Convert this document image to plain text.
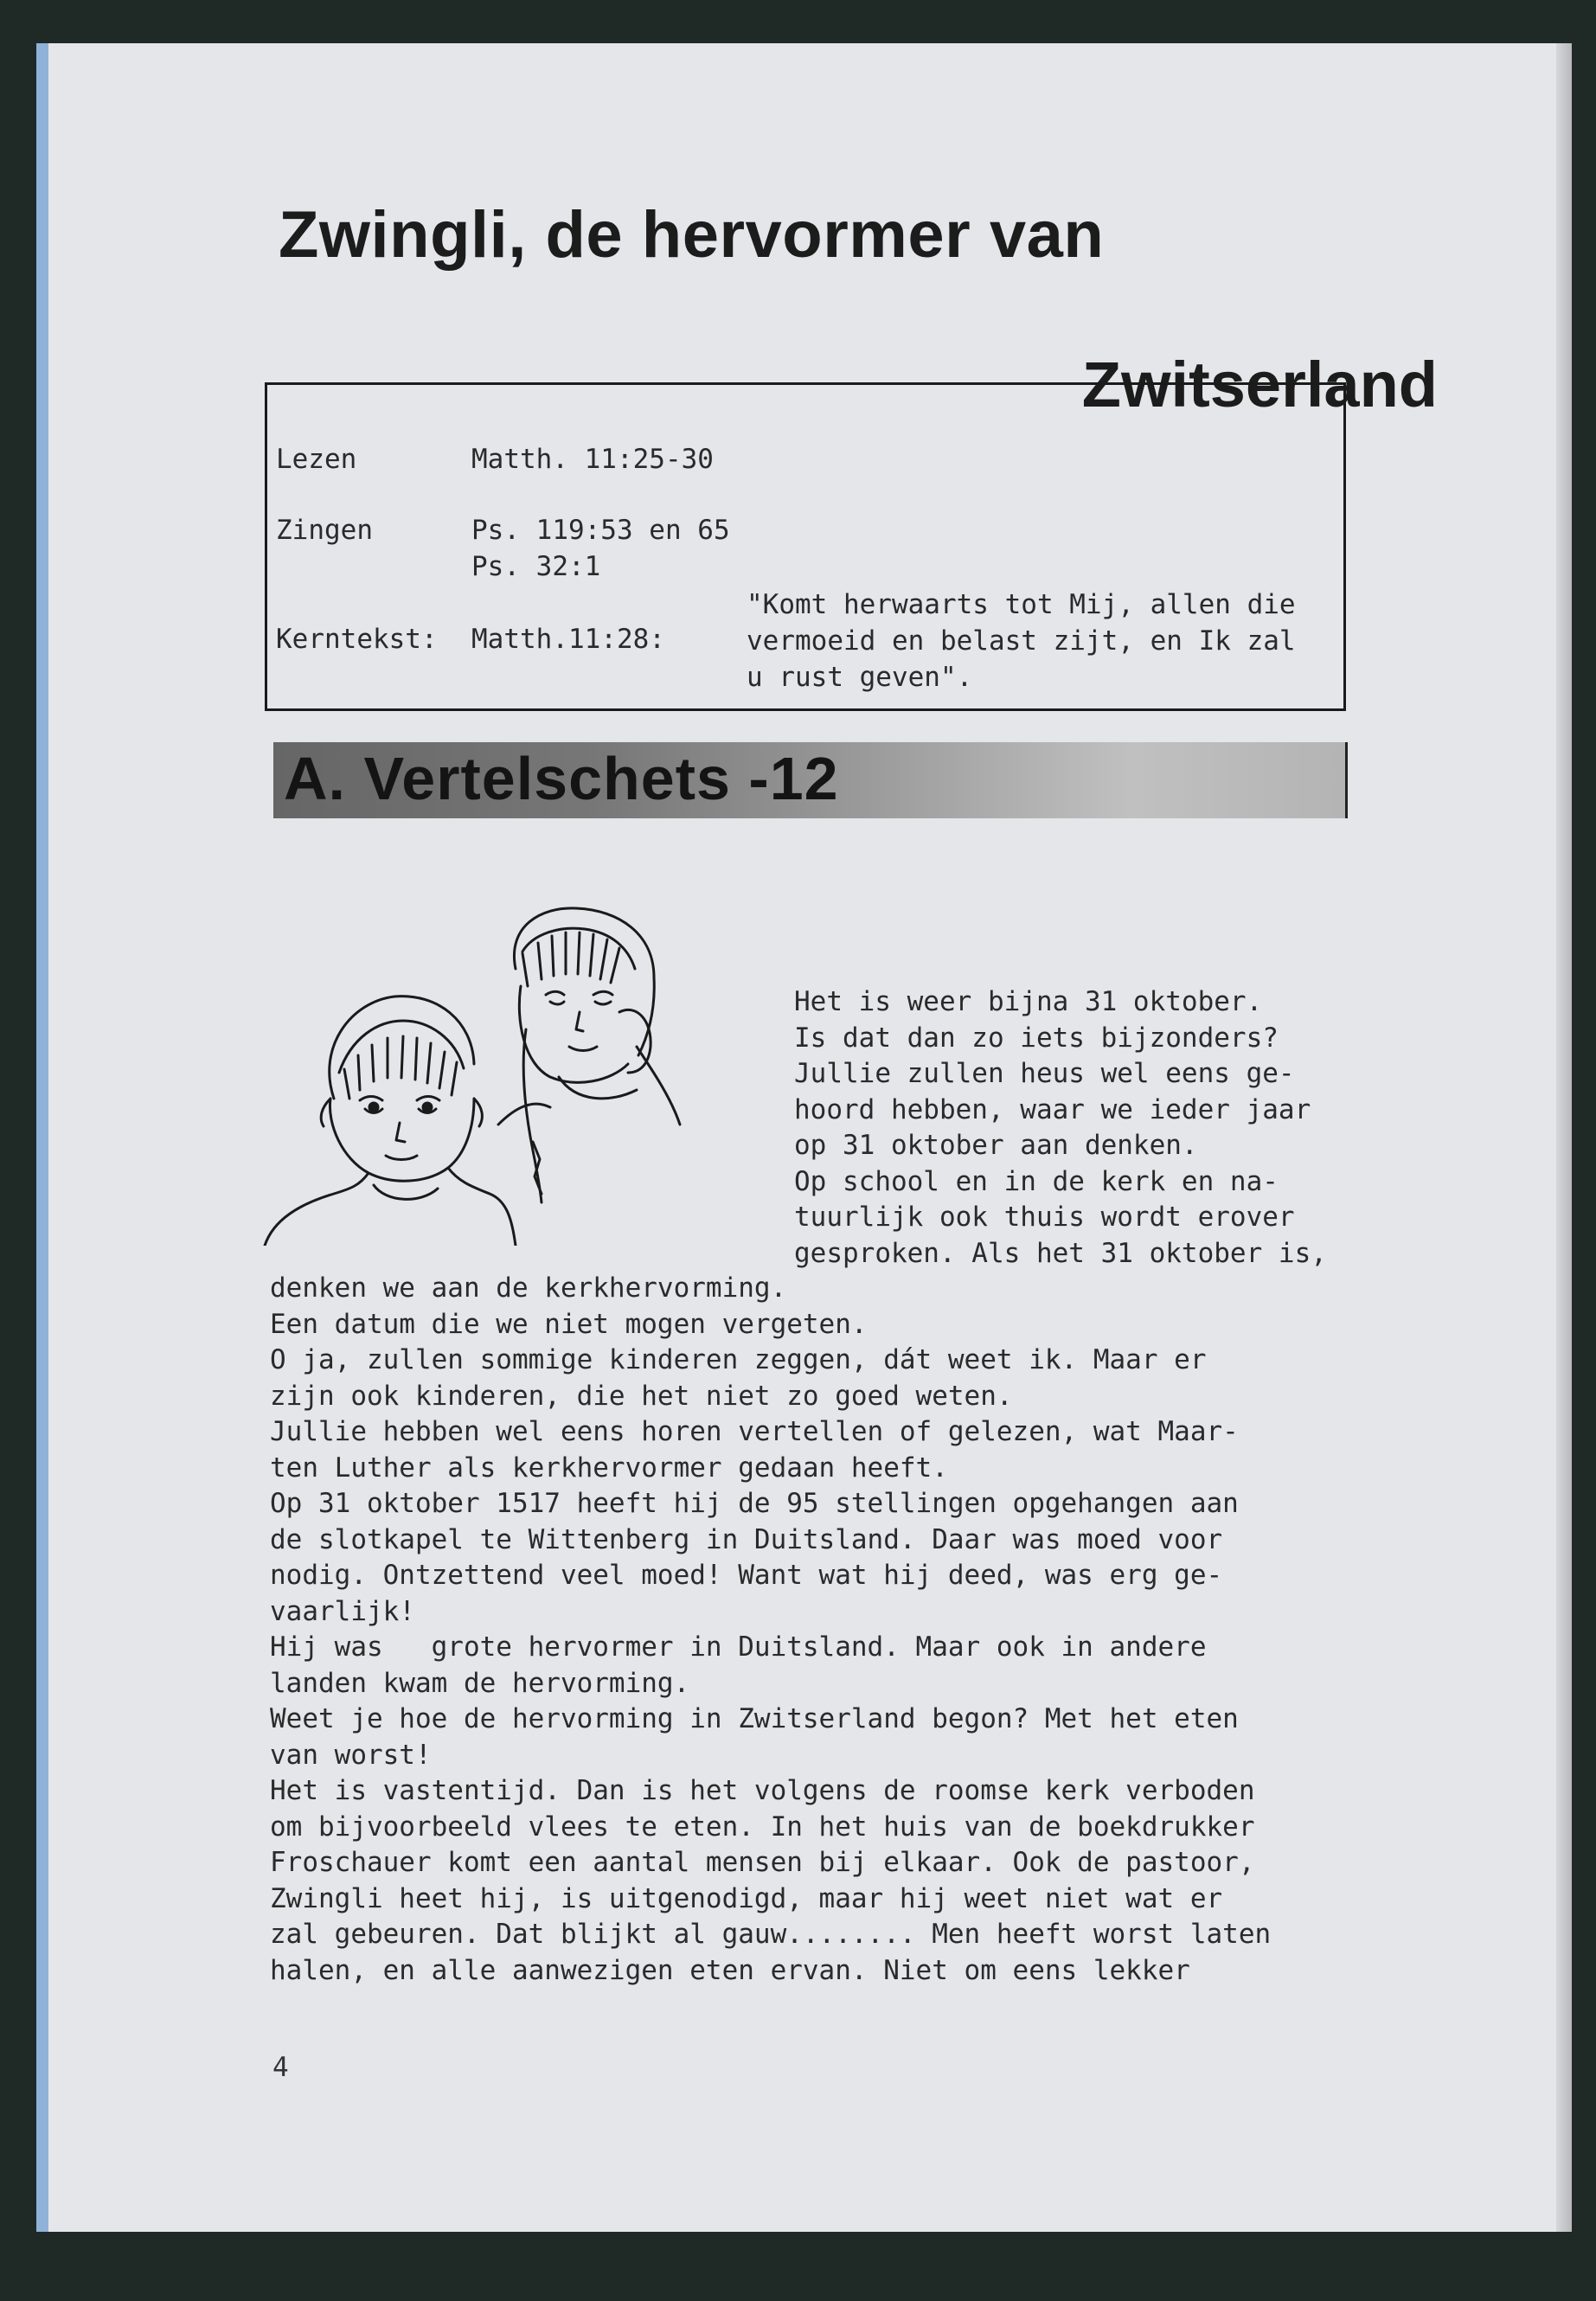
Zwingli, de hervormer van
Zwitserland
Lezen	Matth. 11:25-30
Zingen	Ps. 119:53 en 65
Ps. 32:1
Kerntekst: Matth.11:28:
"Komt herwaarts tot Mij, allen die
vermoeid en belast zijt, en Ik zal
u rust geven".
A. Vertelschets -12
Het is weer bijna 31 oktober.
Is dat dan zo iets bijzonders?
Jullie zullen heus wel eens ge-
hoord hebben, waar we ieder jaar
op 31 oktober aan denken.
Op school en in de kerk en na-
tuurlijk ook thuis wordt erover
gesproken. Als het 31 oktober is,
denken we aan de kerkhervorming.
Een datum die we niet mogen vergeten.
O ja, zullen sommige kinderen zeggen, dát weet ik. Maar er
zijn ook kinderen, die het niet zo goed weten.
Jullie hebben wel eens horen vertellen of gelezen, wat Maar-
ten Luther als kerkhervormer gedaan heeft.
Op 31 oktober 1517 heeft hij de 95 stellingen opgehangen aan
de slotkapel te Wittenberg in Duitsland. Daar was moed voor
nodig. Ontzettend veel moed! Want wat hij deed, was erg ge-
vaarlijk!
Hij was   grote hervormer in Duitsland. Maar ook in andere
landen kwam de hervorming.
Weet je hoe de hervorming in Zwitserland begon? Met het eten
van worst!
Het is vastentijd. Dan is het volgens de roomse kerk verboden
om bijvoorbeeld vlees te eten. In het huis van de boekdrukker
Froschauer komt een aantal mensen bij elkaar. Ook de pastoor,
Zwingli heet hij, is uitgenodigd, maar hij weet niet wat er
zal gebeuren. Dat blijkt al gauw........ Men heeft worst laten
halen, en alle aanwezigen eten ervan. Niet om eens lekker
4
